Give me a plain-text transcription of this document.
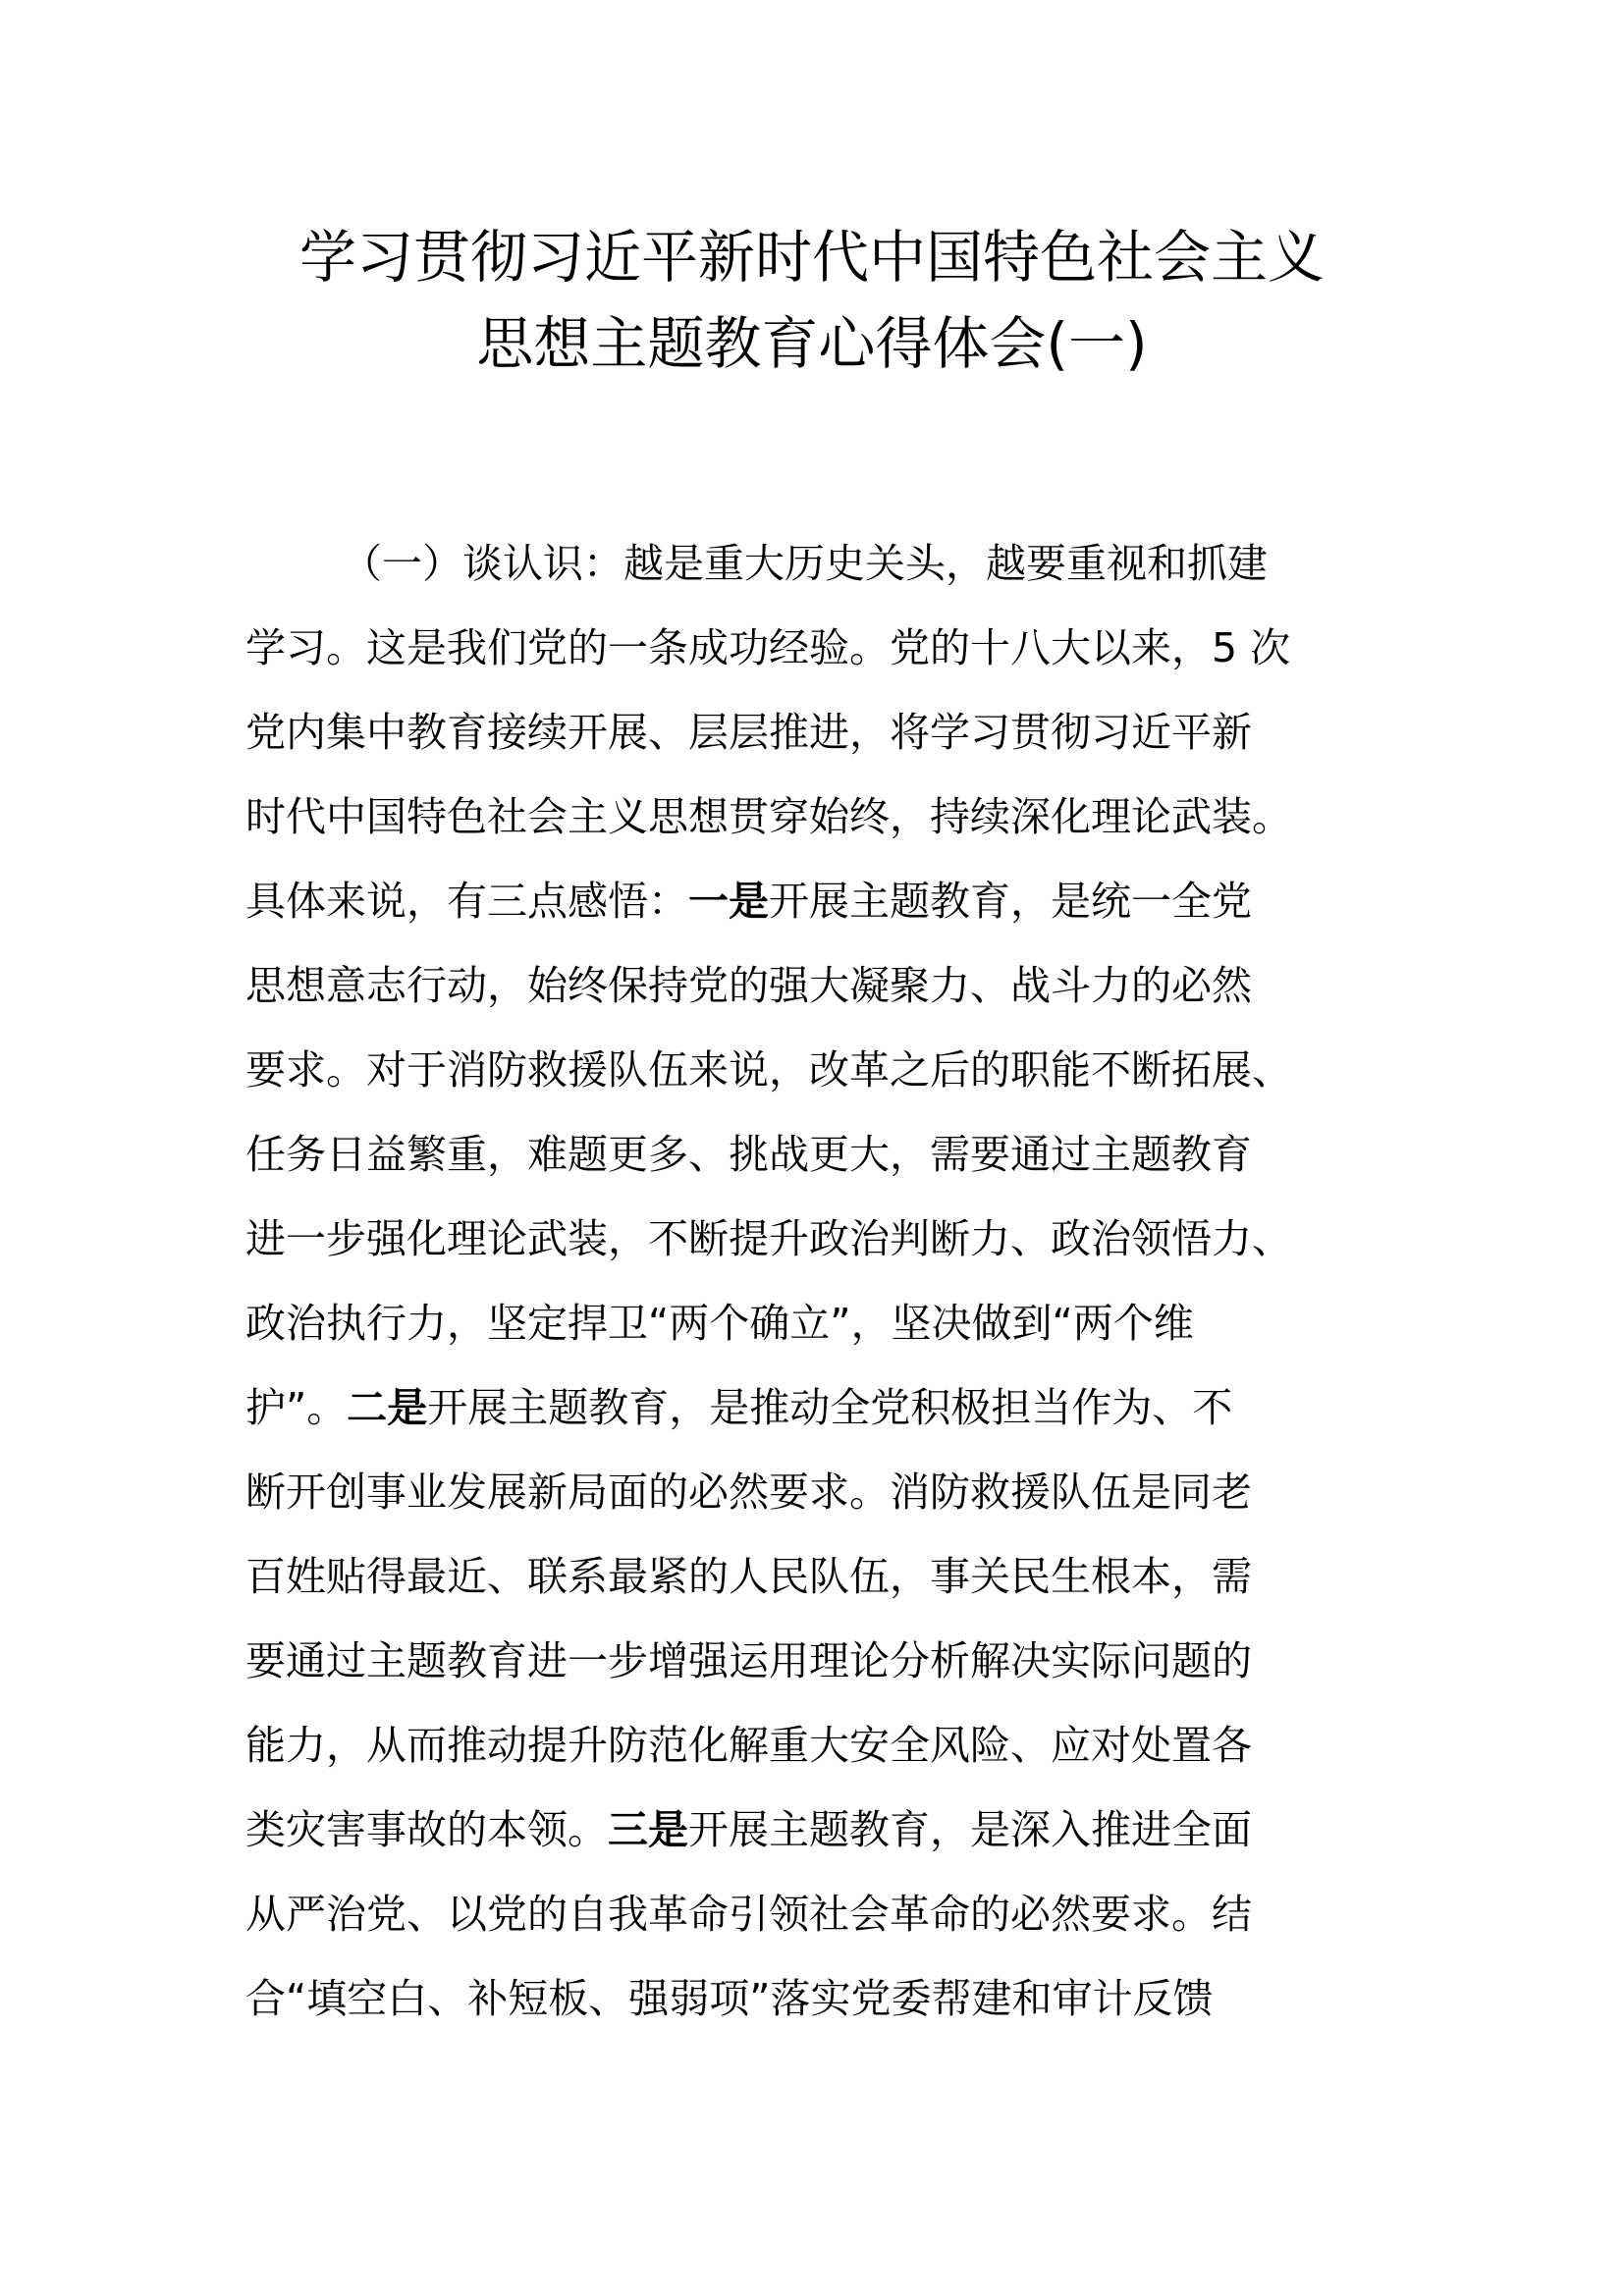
学习贯彻习近平新时代中国特色社会主义
思想主题教育心得体会(一)
（一）谈认识：越是重大历史关头，越要重视和抓建
学习。这是我们党的一条成功经验。党的十八大以来，5 次
党内集中教育接续开展、层层推进，将学习贯彻习近平新
时代中国特色社会主义思想贯穿始终，持续深化理论武装。
具体来说，有三点感悟：一是开展主题教育，是统一全党
思想意志行动，始终保持党的强大凝聚力、战斗力的必然
要求。对于消防救援队伍来说，改革之后的职能不断拓展、
任务日益繁重，难题更多、挑战更大，需要通过主题教育
进一步强化理论武装，不断提升政治判断力、政治领悟力、
政治执行力，坚定捍卫“两个确立”，坚决做到“两个维
护”。二是开展主题教育，是推动全党积极担当作为、不
断开创事业发展新局面的必然要求。消防救援队伍是同老
百姓贴得最近、联系最紧的人民队伍，事关民生根本，需
要通过主题教育进一步增强运用理论分析解决实际问题的
能力，从而推动提升防范化解重大安全风险、应对处置各
类灾害事故的本领。三是开展主题教育，是深入推进全面
从严治党、以党的自我革命引领社会革命的必然要求。结
合“填空白、补短板、强弱项”落实党委帮建和审计反馈
